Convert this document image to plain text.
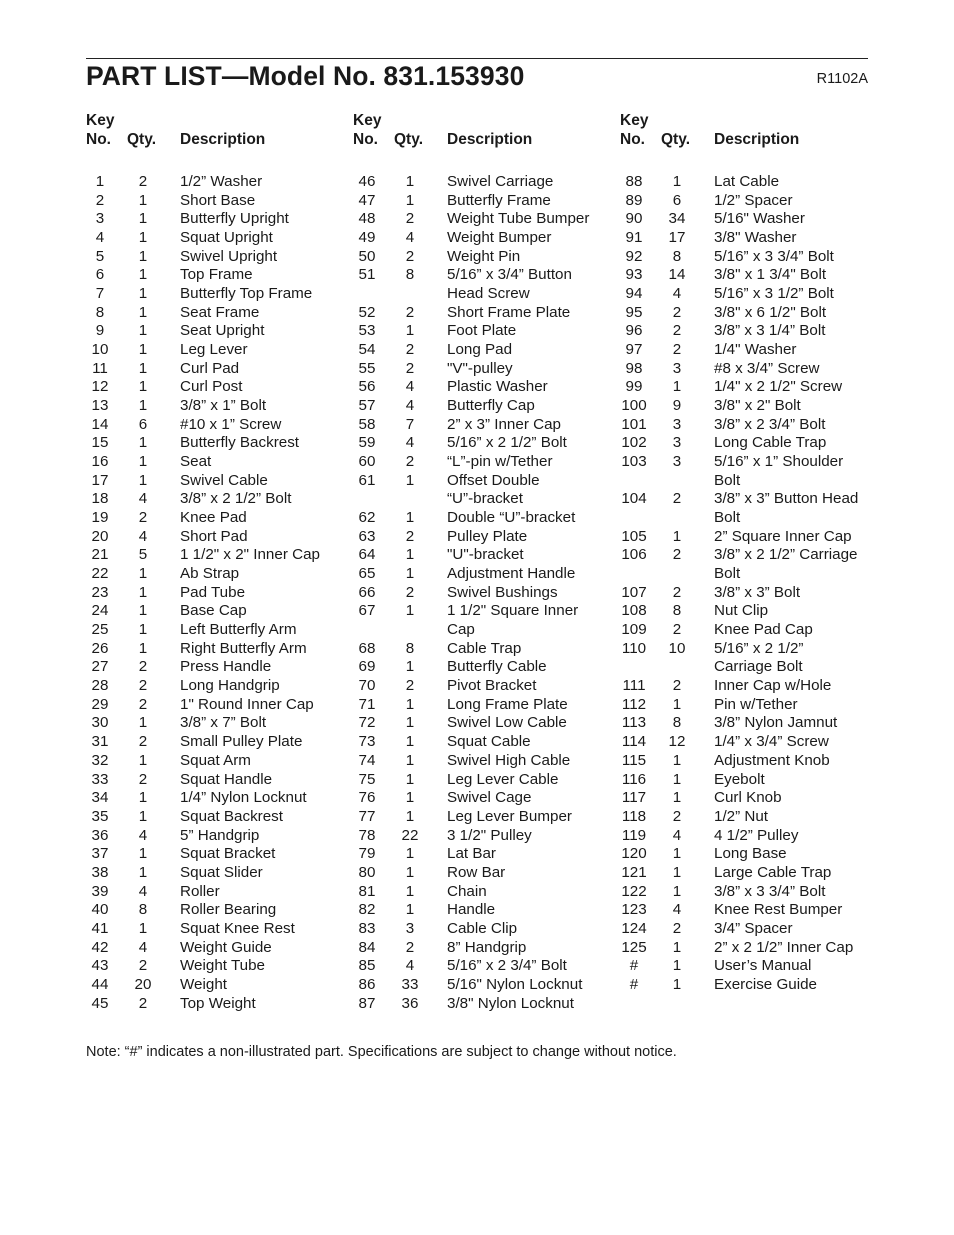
PART LIST—Model No. 831.153930	R1102A
Key
No. Qty. Description
1	2	1/2” Washer
2	1	Short Base
3	1	Butterfly Upright
4	1	Squat Upright
5	1	Swivel Upright
6	1	Top Frame
7	1	Butterfly Top Frame
8	1	Seat Frame
9	1	Seat Upright
10	1	Leg Lever
11	1	Curl Pad
12	1	Curl Post
13	1	3/8” x 1” Bolt
14	6	#10 x 1” Screw
15	1	Butterfly Backrest
16	1	Seat
17	1	Swivel Cable
18	4	3/8” x 2 1/2” Bolt
19	2	Knee Pad
20	4	Short Pad
21	5	1 1/2" x 2" Inner Cap
22	1	Ab Strap
23	1	Pad Tube
24	1	Base Cap
25	1	Left Butterfly Arm
26	1	Right Butterfly Arm
27	2	Press Handle
28	2	Long Handgrip
29	2	1" Round Inner Cap
30	1	3/8” x 7” Bolt
31	2	Small Pulley Plate
32	1	Squat Arm
33	2	Squat Handle
34	1	1/4” Nylon Locknut
35	1	Squat Backrest
36	4	5” Handgrip
37	1	Squat Bracket
38	1	Squat Slider
39	4	Roller
40	8	Roller Bearing
41	1	Squat Knee Rest
42	4	Weight Guide
43	2	Weight Tube
44	20	Weight
45	2	Top Weight
Key
No. Qty. Description
46	1	Swivel Carriage
47	1	Butterfly Frame
48	2	Weight Tube Bumper
49	4	Weight Bumper
50	2	Weight Pin
51	8	5/16” x 3/4” Button
Head Screw
52	2	Short Frame Plate
53	1	Foot Plate
54	2	Long Pad
55	2	"V"-pulley
56	4	Plastic Washer
57	4	Butterfly Cap
58	7	2” x 3” Inner Cap
59	4	5/16” x 2 1/2” Bolt
60	2	“L”-pin w/Tether
61	1	Offset Double
“U”-bracket
62	1	Double “U”-bracket
63	2	Pulley Plate
64	1	"U"-bracket
65	1	Adjustment Handle
66	2	Swivel Bushings
67	1	1 1/2" Square Inner
Cap
68	8	Cable Trap
69	1	Butterfly Cable
70	2	Pivot Bracket
71	1	Long Frame Plate
72	1	Swivel Low Cable
73	1	Squat Cable
74	1	Swivel High Cable
75	1	Leg Lever Cable
76	1	Swivel Cage
77	1	Leg Lever Bumper
78	22	3 1/2" Pulley
79	1	Lat Bar
80	1	Row Bar
81	1	Chain
82	1	Handle
83	3	Cable Clip
84	2	8” Handgrip
85	4	5/16” x 2 3/4” Bolt
86	33	5/16" Nylon Locknut
87	36	3/8" Nylon Locknut
Key
No. Qty. Description
88	1	Lat Cable
89	6	1/2” Spacer
90	34	5/16" Washer
91	17	3/8" Washer
92	8	5/16” x 3 3/4” Bolt
93	14	3/8" x 1 3/4" Bolt
94	4	5/16” x 3 1/2” Bolt
95	2	3/8" x 6 1/2" Bolt
96	2	3/8” x 3 1/4” Bolt
97	2	1/4" Washer
98	3	#8 x 3/4” Screw
99	1	1/4" x 2 1/2" Screw
100	9	3/8" x 2" Bolt
101	3	3/8” x 2 3/4” Bolt
102	3	Long Cable Trap
103	3	5/16” x 1” Shoulder
Bolt
104	2	3/8” x 3” Button Head
Bolt
105	1	2” Square Inner Cap
106	2	3/8” x 2 1/2” Carriage
Bolt
107	2	3/8” x 3” Bolt
108	8	Nut Clip
109	2	Knee Pad Cap
110	10	5/16” x 2 1/2”
Carriage Bolt
111	2	Inner Cap w/Hole
112	1	Pin w/Tether
113	8	3/8” Nylon Jamnut
114	12	1/4” x 3/4” Screw
115	1	Adjustment Knob
116	1	Eyebolt
117	1	Curl Knob
118	2	1/2” Nut
119	4	4 1/2” Pulley
120	1	Long Base
121	1	Large Cable Trap
122	1	3/8” x 3 3/4” Bolt
123	4	Knee Rest Bumper
124	2	3/4” Spacer
125	1	2” x 2 1/2” Inner Cap
#	1	User’s Manual
#	1	Exercise Guide
Note: “#” indicates a non-illustrated part. Specifications are subject to change without notice.
